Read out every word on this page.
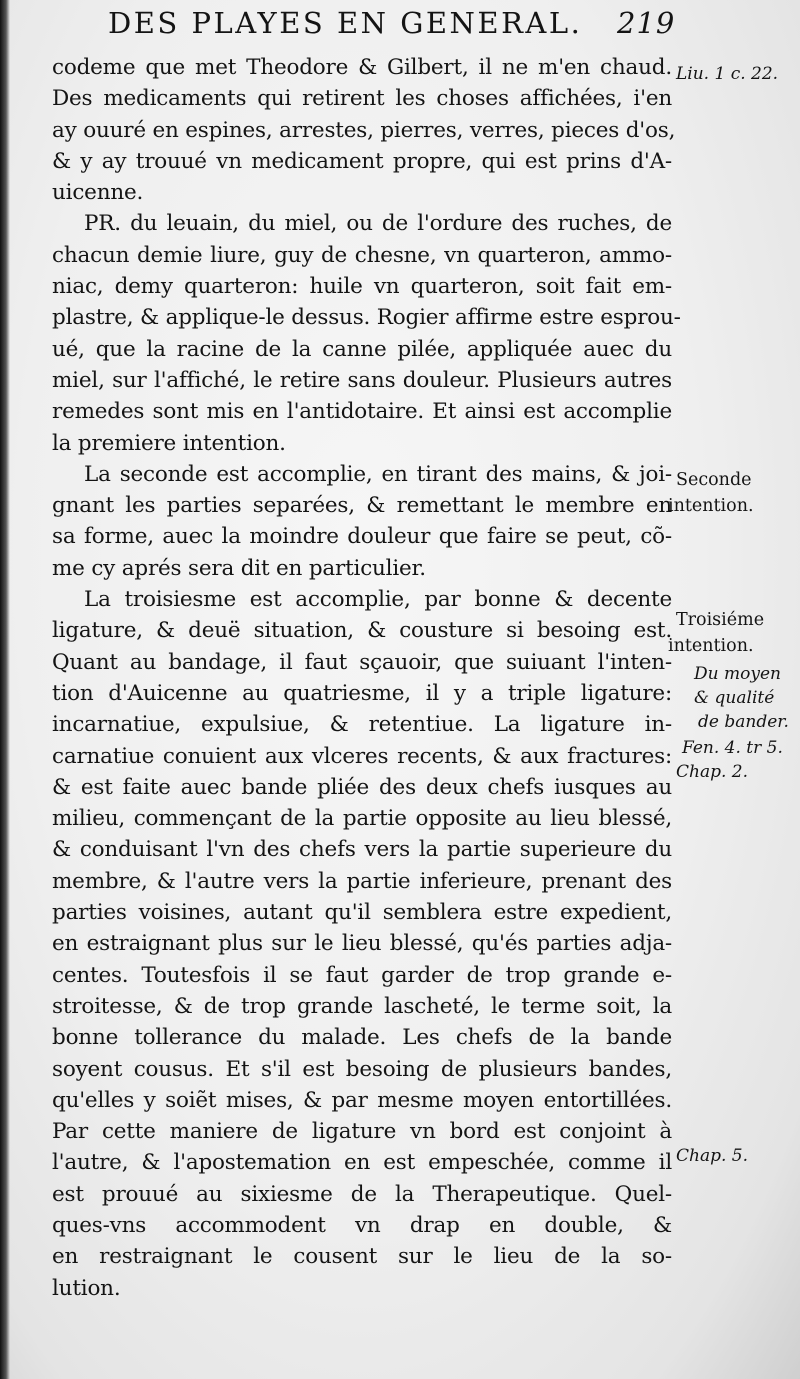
DES PLAYES EN GENERAL. 219
codeme que met Theodore & Gilbert, il ne m'en chaud.
Des medicaments qui retirent les choses affichées, i'en
ay ouuré en espines, arrestes, pierres, verres, pieces d'os,
& y ay trouué vn medicament propre, qui est prins d'A-
uicenne.
PR. du leuain, du miel, ou de l'ordure des ruches, de
chacun demie liure, guy de chesne, vn quarteron, ammo-
niac, demy quarteron: huile vn quarteron, soit fait em-
plastre, & applique-le dessus. Rogier affirme estre esprou-
ué, que la racine de la canne pilée, appliquée auec du
miel, sur l'affiché, le retire sans douleur. Plusieurs autres
remedes sont mis en l'antidotaire. Et ainsi est accomplie
la premiere intention.
La seconde est accomplie, en tirant des mains, & joi-
gnant les parties separées, & remettant le membre en
sa forme, auec la moindre douleur que faire se peut, cõ-
me cy aprés sera dit en particulier.
La troisiesme est accomplie, par bonne & decente
ligature, & deuë situation, & cousture si besoing est.
Quant au bandage, il faut sçauoir, que suiuant l'inten-
tion d'Auicenne au quatriesme, il y a triple ligature:
incarnatiue, expulsiue, & retentiue. La ligature in-
carnatiue conuient aux vlceres recents, & aux fractures:
& est faite auec bande pliée des deux chefs iusques au
milieu, commençant de la partie opposite au lieu blessé,
& conduisant l'vn des chefs vers la partie superieure du
membre, & l'autre vers la partie inferieure, prenant des
parties voisines, autant qu'il semblera estre expedient,
en estraignant plus sur le lieu blessé, qu'és parties adja-
centes. Toutesfois il se faut garder de trop grande e-
stroitesse, & de trop grande lascheté, le terme soit, la
bonne tollerance du malade. Les chefs de la bande
soyent cousus. Et s'il est besoing de plusieurs bandes,
qu'elles y soiẽt mises, & par mesme moyen entortillées.
Par cette maniere de ligature vn bord est conjoint à
l'autre, & l'apostemation en est empeschée, comme il
est prouué au sixiesme de la Therapeutique. Quel-
ques-vns accommodent vn drap en double, &
en restraignant le cousent sur le lieu de la so-
lution.
Liu. 1 c. 22.
Seconde
intention.
Troisiéme
intention.
Du moyen
& qualité
de bander.
Fen. 4. tr 5.
Chap. 2.
Chap. 5.
